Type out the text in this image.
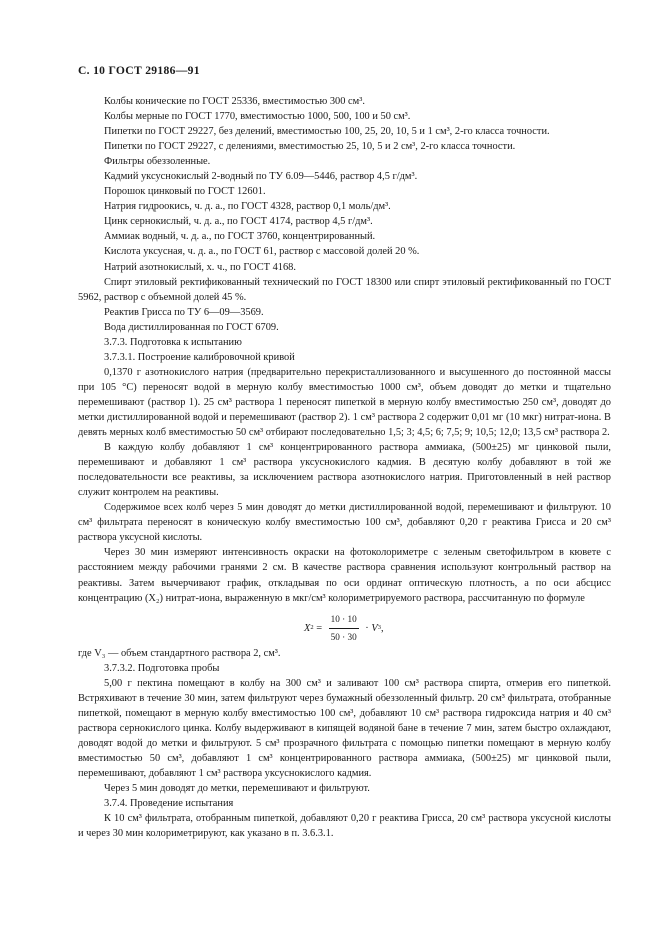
С. 10 ГОСТ 29186—91

Колбы конические по ГОСТ 25336, вместимостью 300 см³.

Колбы мерные по ГОСТ 1770, вместимостью 1000, 500, 100 и 50 см³.

Пипетки по ГОСТ 29227, без делений, вместимостью 100, 25, 20, 10, 5 и 1 см³, 2-го класса точности.

Пипетки по ГОСТ 29227, с делениями, вместимостью 25, 10, 5 и 2 см³, 2-го класса точности.

Фильтры обеззоленные.

Кадмий уксуснокислый 2-водный по ТУ 6.09—5446, раствор 4,5 г/дм³.

Порошок цинковый по ГОСТ 12601.

Натрия гидроокись, ч. д. а., по ГОСТ 4328, раствор 0,1 моль/дм³.

Цинк сернокислый, ч. д. а., по ГОСТ 4174, раствор 4,5 г/дм³.

Аммиак водный, ч. д. а., по ГОСТ 3760, концентрированный.

Кислота уксусная, ч. д. а., по ГОСТ 61, раствор с массовой долей 20 %.

Натрий азотнокислый, х. ч., по ГОСТ 4168.

Спирт этиловый ректификованный технический по ГОСТ 18300 или спирт этиловый ректификованный по ГОСТ 5962, раствор с объемной долей 45 %.

Реактив Грисса по ТУ 6—09—3569.

Вода дистиллированная по ГОСТ 6709.

3.7.3. Подготовка к испытанию

3.7.3.1. Построение калибровочной кривой

0,1370 г азотнокислого натрия (предварительно перекристаллизованного и высушенного до постоянной массы при 105 °С) переносят водой в мерную колбу вместимостью 1000 см³, объем доводят до метки и тщательно перемешивают (раствор 1). 25 см³ раствора 1 переносят пипеткой в мерную колбу вместимостью 250 см³, доводят до метки дистиллированной водой и перемешивают (раствор 2). 1 см³ раствора 2 содержит 0,01 мг (10 мкг) нитрат-иона. В девять мерных колб вместимостью 50 см³ отбирают последовательно 1,5; 3; 4,5; 6; 7,5; 9; 10,5; 12,0; 13,5 см³ раствора 2.

В каждую колбу добавляют 1 см³ концентрированного раствора аммиака, (500±25) мг цинковой пыли, перемешивают и добавляют 1 см³ раствора уксуснокислого кадмия. В десятую колбу добавляют в той же последовательности все реактивы, за исключением раствора азотнокислого натрия. Приготовленный в ней раствор служит контролем на реактивы.

Содержимое всех колб через 5 мин доводят до метки дистиллированной водой, перемешивают и фильтруют. 10 см³ фильтрата переносят в коническую колбу вместимостью 100 см³, добавляют 0,20 г реактива Грисса и 20 см³ раствора уксусной кислоты.

Через 30 мин измеряют интенсивность окраски на фотоколориметре с зеленым светофильтром в кювете с расстоянием между рабочими гранями 2 см. В качестве раствора сравнения используют контрольный раствор на реактивы. Затем вычерчивают график, откладывая по оси ординат оптическую плотность, а по оси абсцисс концентрацию (X₂) нитрат-иона, выраженную в мкг/см³ колориметрируемого раствора, рассчитанную по формуле

X $2 = \frac{10 \cdot 10}{50 \cdot 30} \cdot V$ 3 ,

где V₃ — объем стандартного раствора 2, см³.

3.7.3.2. Подготовка пробы

5,00 г пектина помещают в колбу на 300 см³ и заливают 100 см³ раствора спирта, отмерив его пипеткой. Встряхивают в течение 30 мин, затем фильтруют через бумажный обеззоленный фильтр. 20 см³ фильтрата, отобранные пипеткой, помещают в мерную колбу вместимостью 100 см³, добавляют 10 см³ раствора гидроксида натрия и 40 см³ раствора сернокислого цинка. Колбу выдерживают в кипящей водяной бане в течение 7 мин, затем быстро охлаждают, доводят водой до метки и фильтруют. 5 см³ прозрачного фильтрата с помощью пипетки помещают в мерную колбу вместимостью 50 см³, добавляют 1 см³ концентрированного раствора аммиака, (500±25) мг цинковой пыли, перемешивают, добавляют 1 см³ раствора уксуснокислого кадмия.

Через 5 мин доводят до метки, перемешивают и фильтруют.

3.7.4. Проведение испытания

К 10 см³ фильтрата, отобранным пипеткой, добавляют 0,20 г реактива Грисса, 20 см³ раствора уксусной кислоты и через 30 мин колориметрируют, как указано в п. 3.6.3.1.
